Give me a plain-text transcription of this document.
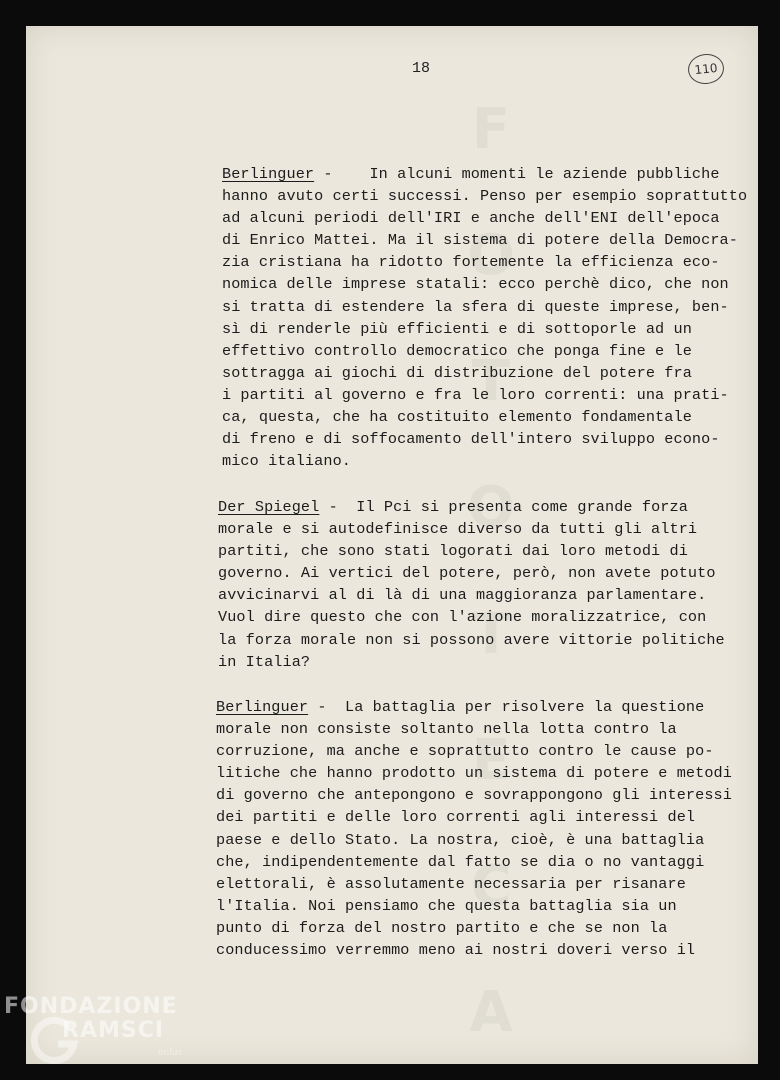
18	110
Berlinguer -    In alcuni momenti le aziende pubbliche
hanno avuto certi successi. Penso per esempio soprattutto
ad alcuni periodi dell'IRI e anche dell'ENI dell'epoca
di Enrico Mattei. Ma il sistema di potere della Democra-
zia cristiana ha ridotto fortemente la efficienza eco-
nomica delle imprese statali: ecco perchè dico, che non
si tratta di estendere la sfera di queste imprese, ben-
sì di renderle più efficienti e di sottoporle ad un
effettivo controllo democratico che ponga fine e le
sottragga ai giochi di distribuzione del potere fra
i partiti al governo e fra le loro correnti: una prati-
ca, questa, che ha costituito elemento fondamentale
di freno e di soffocamento dell'intero sviluppo econo-
mico italiano.
Der Spiegel -  Il Pci si presenta come grande forza
morale e si autodefinisce diverso da tutti gli altri
partiti, che sono stati logorati dai loro metodi di
governo. Ai vertici del potere, però, non avete potuto
avvicinarvi al di là di una maggioranza parlamentare.
Vuol dire questo che con l'azione moralizzatrice, con
la forza morale non si possono avere vittorie politiche
in Italia?
Berlinguer -  La battaglia per risolvere la questione
morale non consiste soltanto nella lotta contro la
corruzione, ma anche e soprattutto contro le cause po-
litiche che hanno prodotto un sistema di potere e metodi
di governo che antepongono e sovrappongono gli interessi
dei partiti e delle loro correnti agli interessi del
paese e dello Stato. La nostra, cioè, è una battaglia
che, indipendentemente dal fatto se dia o no vantaggi
elettorali, è assolutamente necessaria per risanare
l'Italia. Noi pensiamo che questa battaglia sia un
punto di forza del nostro partito e che se non la
conducessimo verremmo meno ai nostri doveri verso il
FONDAZIONE
RAMSCI
onlus
